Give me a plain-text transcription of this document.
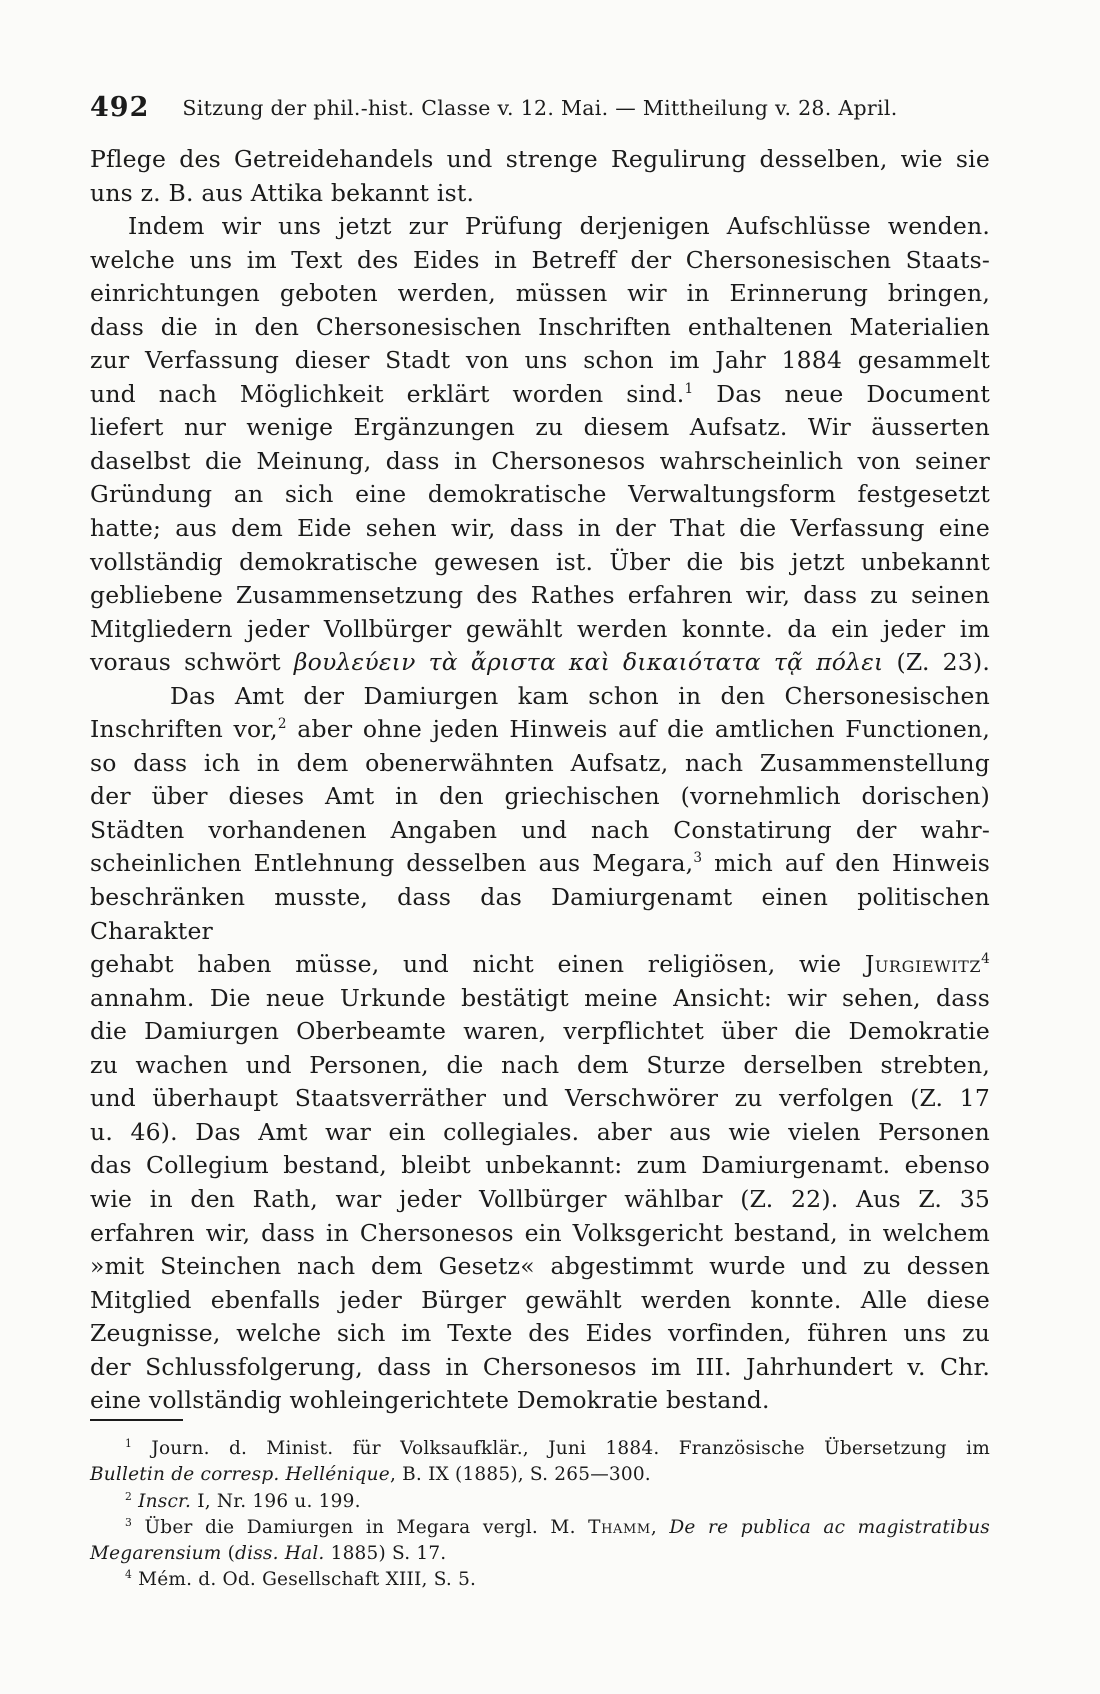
492	Sitzung der phil.-hist. Classe v. 12. Mai. — Mittheilung v. 28. April.
Pflege des Getreidehandels und strenge Regulirung desselben, wie sie
uns z. B. aus Attika bekannt ist.
Indem wir uns jetzt zur Prüfung derjenigen Aufschlüsse wenden.
welche uns im Text des Eides in Betreff der Chersonesischen Staats-
einrichtungen geboten werden, müssen wir in Erinnerung bringen,
dass die in den Chersonesischen Inschriften enthaltenen Materialien
zur Verfassung dieser Stadt von uns schon im Jahr 1884 gesammelt
und nach Möglichkeit erklärt worden sind.$^1$ Das neue Document
liefert nur wenige Ergänzungen zu diesem Aufsatz. Wir äusserten
daselbst die Meinung, dass in Chersonesos wahrscheinlich von seiner
Gründung an sich eine demokratische Verwaltungsform festgesetzt
hatte; aus dem Eide sehen wir, dass in der That die Verfassung eine
vollständig demokratische gewesen ist. Über die bis jetzt unbekannt
gebliebene Zusammensetzung des Rathes erfahren wir, dass zu seinen
Mitgliedern jeder Vollbürger gewählt werden konnte. da ein jeder im
voraus schwört βουλεύειν τὰ ἄριστα καὶ δικαιότατα τᾷ πόλει (Z. 23).
Das Amt der Damiurgen kam schon in den Chersonesischen
Inschriften vor,$^2$ aber ohne jeden Hinweis auf die amtlichen Functionen,
so dass ich in dem obenerwähnten Aufsatz, nach Zusammenstellung
der über dieses Amt in den griechischen (vornehmlich dorischen)
Städten vorhandenen Angaben und nach Constatirung der wahr-
scheinlichen Entlehnung desselben aus Megara,$^3$ mich auf den Hinweis
beschränken musste, dass das Damiurgenamt einen politischen Charakter
gehabt haben müsse, und nicht einen religiösen, wie Jurgiewitz$^4$
annahm. Die neue Urkunde bestätigt meine Ansicht: wir sehen, dass
die Damiurgen Oberbeamte waren, verpflichtet über die Demokratie
zu wachen und Personen, die nach dem Sturze derselben strebten,
und überhaupt Staatsverräther und Verschwörer zu verfolgen (Z. 17
u. 46). Das Amt war ein collegiales. aber aus wie vielen Personen
das Collegium bestand, bleibt unbekannt: zum Damiurgenamt. ebenso
wie in den Rath, war jeder Vollbürger wählbar (Z. 22). Aus Z. 35
erfahren wir, dass in Chersonesos ein Volksgericht bestand, in welchem
»mit Steinchen nach dem Gesetz« abgestimmt wurde und zu dessen
Mitglied ebenfalls jeder Bürger gewählt werden konnte. Alle diese
Zeugnisse, welche sich im Texte des Eides vorfinden, führen uns zu
der Schlussfolgerung, dass in Chersonesos im III. Jahrhundert v. Chr.
eine vollständig wohleingerichtete Demokratie bestand.
$^1$ Journ. d. Minist. für Volksaufklär., Juni 1884. Französische Übersetzung im
Bulletin de corresp. Hellénique, B. IX (1885), S. 265—300.
$^2$ Inscr. I, Nr. 196 u. 199.
$^3$ Über die Damiurgen in Megara vergl. M. Thamm, De re publica ac magistratibus
Megarensium (diss. Hal. 1885) S. 17.
$^4$ Mém. d. Od. Gesellschaft XIII, S. 5.
